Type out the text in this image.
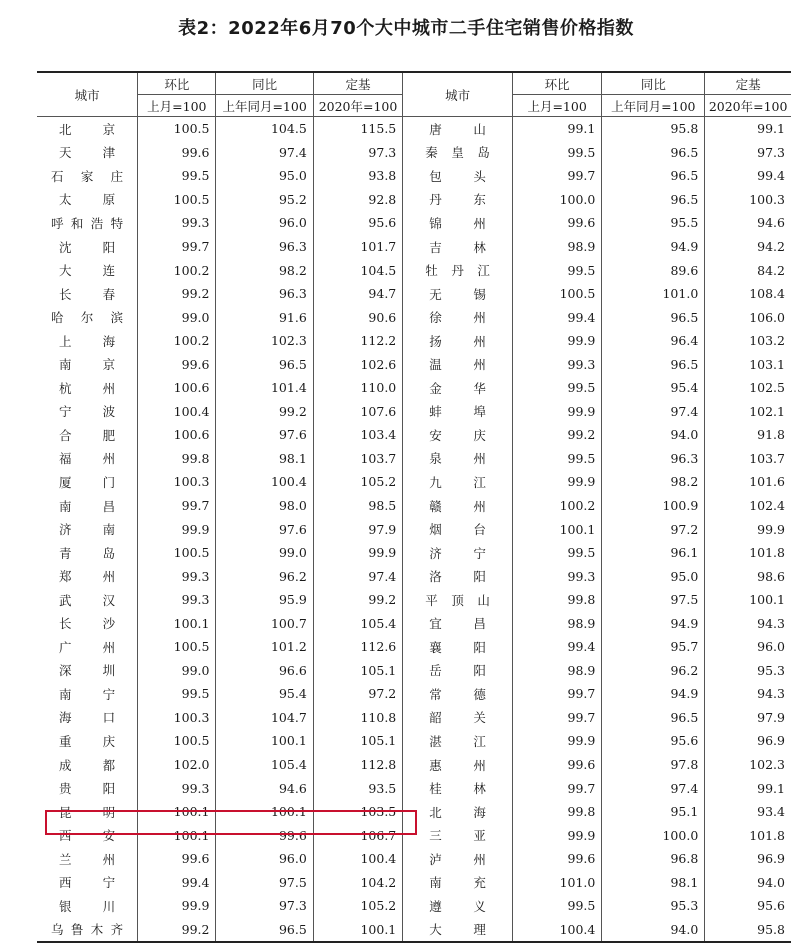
表2：2022年6月70个大中城市二手住宅销售价格指数
城市	环比	同比	定基	城市	环比	同比	定基
	上月=100	上年同月=100	2020年=100		上月=100	上年同月=100	2020年=100
北京	100.5	104.5	115.5	唐山	99.1	95.8	99.1
天津	99.6	97.4	97.3	秦皇岛	99.5	96.5	97.3
石家庄	99.5	95.0	93.8	包头	99.7	96.5	99.4
太原	100.5	95.2	92.8	丹东	100.0	96.5	100.3
呼和浩特	99.3	96.0	95.6	锦州	99.6	95.5	94.6
沈阳	99.7	96.3	101.7	吉林	98.9	94.9	94.2
大连	100.2	98.2	104.5	牡丹江	99.5	89.6	84.2
长春	99.2	96.3	94.7	无锡	100.5	101.0	108.4
哈尔滨	99.0	91.6	90.6	徐州	99.4	96.5	106.0
上海	100.2	102.3	112.2	扬州	99.9	96.4	103.2
南京	99.6	96.5	102.6	温州	99.3	96.5	103.1
杭州	100.6	101.4	110.0	金华	99.5	95.4	102.5
宁波	100.4	99.2	107.6	蚌埠	99.9	97.4	102.1
合肥	100.6	97.6	103.4	安庆	99.2	94.0	91.8
福州	99.8	98.1	103.7	泉州	99.5	96.3	103.7
厦门	100.3	100.4	105.2	九江	99.9	98.2	101.6
南昌	99.7	98.0	98.5	赣州	100.2	100.9	102.4
济南	99.9	97.6	97.9	烟台	100.1	97.2	99.9
青岛	100.5	99.0	99.9	济宁	99.5	96.1	101.8
郑州	99.3	96.2	97.4	洛阳	99.3	95.0	98.6
武汉	99.3	95.9	99.2	平顶山	99.8	97.5	100.1
长沙	100.1	100.7	105.4	宜昌	98.9	94.9	94.3
广州	100.5	101.2	112.6	襄阳	99.4	95.7	96.0
深圳	99.0	96.6	105.1	岳阳	98.9	96.2	95.3
南宁	99.5	95.4	97.2	常德	99.7	94.9	94.3
海口	100.3	104.7	110.8	韶关	99.7	96.5	97.9
重庆	100.5	100.1	105.1	湛江	99.9	95.6	96.9
成都	102.0	105.4	112.8	惠州	99.6	97.8	102.3
贵阳	99.3	94.6	93.5	桂林	99.7	97.4	99.1
昆明	100.1	100.1	103.5	北海	99.8	95.1	93.4
西安	100.1	99.6	106.7	三亚	99.9	100.0	101.8
兰州	99.6	96.0	100.4	泸州	99.6	96.8	96.9
西宁	99.4	97.5	104.2	南充	101.0	98.1	94.0
银川	99.9	97.3	105.2	遵义	99.5	95.3	95.6
乌鲁木齐	99.2	96.5	100.1	大理	100.4	94.0	95.8
